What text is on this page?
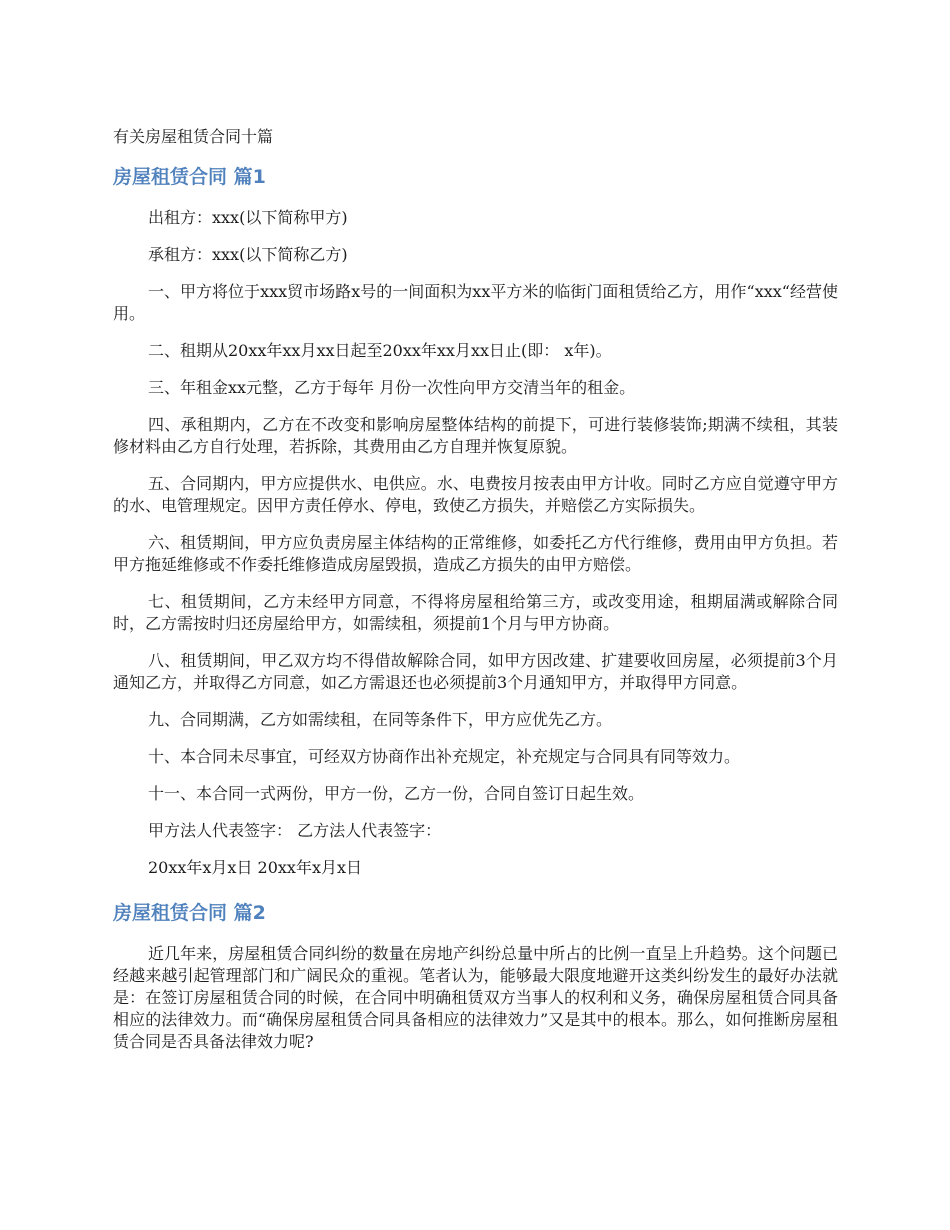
有关房屋租赁合同十篇
房屋租赁合同 篇1

出租方：xxx(以下简称甲方)

承租方：xxx(以下简称乙方)

一、甲方将位于xxx贸市场路x号的一间面积为xx平方米的临街门面租赁给乙方，用作“xxx“经营使用。

二、租期从20xx年xx月xx日起至20xx年xx月xx日止(即： x年)。

三、年租金xx元整，乙方于每年 月份一次性向甲方交清当年的租金。

四、承租期内，乙方在不改变和影响房屋整体结构的前提下，可进行装修装饰;期满不续租，其装修材料由乙方自行处理，若拆除，其费用由乙方自理并恢复原貌。

五、合同期内，甲方应提供水、电供应。水、电费按月按表由甲方计收。同时乙方应自觉遵守甲方的水、电管理规定。因甲方责任停水、停电，致使乙方损失，并赔偿乙方实际损失。

六、租赁期间，甲方应负责房屋主体结构的正常维修，如委托乙方代行维修，费用由甲方负担。若甲方拖延维修或不作委托维修造成房屋毁损，造成乙方损失的由甲方赔偿。

七、租赁期间，乙方未经甲方同意，不得将房屋租给第三方，或改变用途，租期届满或解除合同时，乙方需按时归还房屋给甲方，如需续租，须提前1个月与甲方协商。

八、租赁期间，甲乙双方均不得借故解除合同，如甲方因改建、扩建要收回房屋，必须提前3个月通知乙方，并取得乙方同意，如乙方需退还也必须提前3个月通知甲方，并取得甲方同意。

九、合同期满，乙方如需续租，在同等条件下，甲方应优先乙方。

十、本合同未尽事宜，可经双方协商作出补充规定，补充规定与合同具有同等效力。

十一、本合同一式两份，甲方一份，乙方一份，合同自签订日起生效。

甲方法人代表签字： 乙方法人代表签字：

20xx年x月x日 20xx年x月x日

房屋租赁合同 篇2

近几年来，房屋租赁合同纠纷的数量在房地产纠纷总量中所占的比例一直呈上升趋势。这个问题已经越来越引起管理部门和广阔民众的重视。笔者认为，能够最大限度地避开这类纠纷发生的最好办法就是：在签订房屋租赁合同的时候，在合同中明确租赁双方当事人的权利和义务，确保房屋租赁合同具备相应的法律效力。而“确保房屋租赁合同具备相应的法律效力”又是其中的根本。那么，如何推断房屋租赁合同是否具备法律效力呢?
